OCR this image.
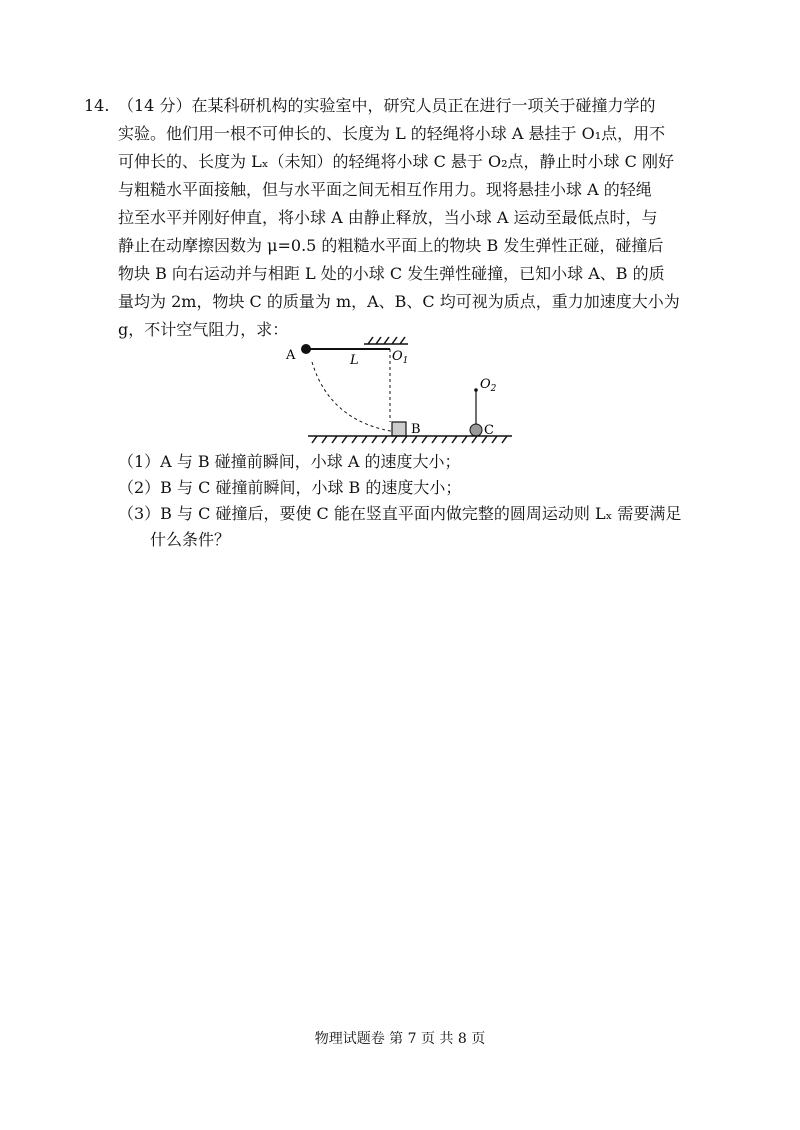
14. （14 分）在某科研机构的实验室中，研究人员正在进行一项关于碰撞力学的
实验。他们用一根不可伸长的、长度为 L 的轻绳将小球 A 悬挂于 O₁点，用不
可伸长的、长度为 Lₓ（未知）的轻绳将小球 C 悬于 O₂点，静止时小球 C 刚好
与粗糙水平面接触，但与水平面之间无相互作用力。现将悬挂小球 A 的轻绳
拉至水平并刚好伸直，将小球 A 由静止释放，当小球 A 运动至最低点时，与
静止在动摩擦因数为 μ=0.5 的粗糙水平面上的物块 B 发生弹性正碰，碰撞后
物块 B 向右运动并与相距 L 处的小球 C 发生弹性碰撞，已知小球 A、B 的质
量均为 2m，物块 C 的质量为 m，A、B、C 均可视为质点，重力加速度大小为
g，不计空气阻力，求：
A	L	$O_1$
$O_2$
B	C
（1）A 与 B 碰撞前瞬间，小球 A 的速度大小；
（2）B 与 C 碰撞前瞬间，小球 B 的速度大小；
（3）B 与 C 碰撞后，要使 C 能在竖直平面内做完整的圆周运动则 Lₓ 需要满足
什么条件？
物理试题卷 第 7 页 共 8 页
